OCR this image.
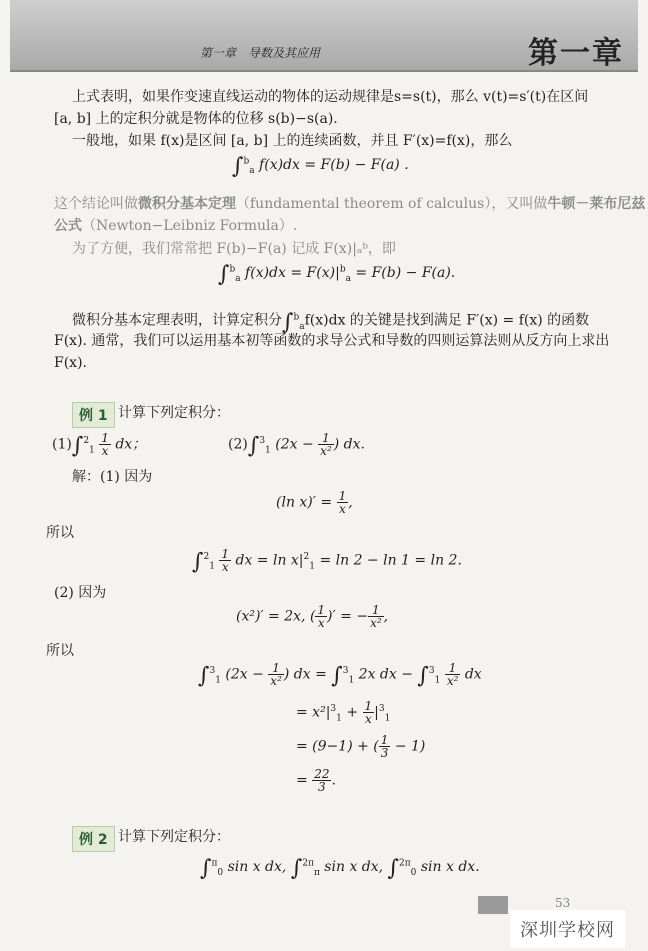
第一章　导数及其应用	第一章
上式表明，如果作变速直线运动的物体的运动规律是s=s(t)，那么 v(t)=s′(t)在区间
[a, b] 上的定积分就是物体的位移 s(b)−s(a).
一般地，如果 f(x)是区间 [a, b] 上的连续函数，并且 F′(x)=f(x)，那么
∫$^b_a$ f(x)dx = F(b) − F(a) .
这个结论叫做微积分基本定理（fundamental theorem of calculus），又叫做牛顿－莱布尼兹
公式（Newton−Leibniz Formula）.
为了方便，我们常常把 F(b)−F(a) 记成 F(x)|ₐᵇ，即
∫$^b_a$ $f(x)dx = F(x)|^b_a = F(b) - F(a)$.
微积分基本定理表明，计算定积分∫$^b_a$f(x)dx 的关键是找到满足 F′(x) = f(x) 的函数
F(x). 通常，我们可以运用基本初等函数的求导公式和导数的四则运算法则从反方向上求出
F(x).
例 1 计算下列定积分：
$(1)\int^2_1 \frac{1}{x}$ dx；	(2)∫$^3_1$ ($2x - \frac{1}{\text{x²}}$ ) dx.
解：(1) 因为
(ln $x)' = \frac{1}{x}$ ,
所以
$\int^2_1 \frac{1}{x}$ dx = $\ln x|^2_1 = \ln 2 - \ln 1 = \ln 2$.
(2) 因为
(x²)′ = 2x, ( $\frac{1}{x}$ )′ = − $\frac{1}{\text{x²}}$ ,
所以
∫$^3_1$ ($2x - \frac{1}{\text{x²}}$ ) dx = ∫$^3_1$ 2x dx − $\int^3_1 \frac{1}{\text{x²}}$ dx
= $x^2|^3_1 + \frac{1}{x} |^3_1$
= (9−1) + ( $\frac{1}{3} - 1$)
= $\frac{22}{3}$ .
例 2 计算下列定积分：
∫$^\pi_0$ sin x dx, ∫$^{2\pi}_\pi$ sin x dx, ∫$^{2\pi}_0$ sin x dx.
53
深圳学校网
